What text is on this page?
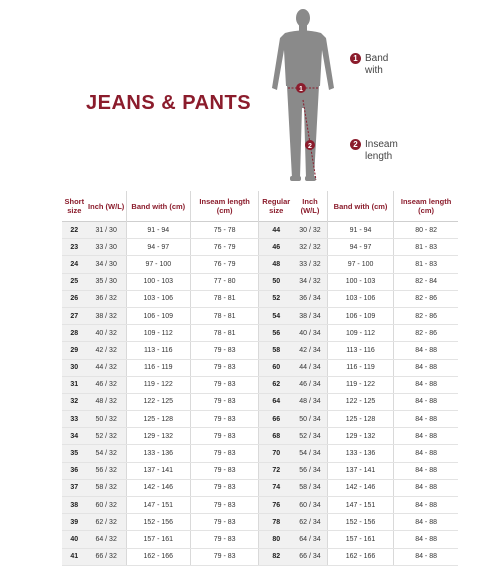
JEANS & PANTS
1
2
1 Band with
2 Inseam length
Short size	Inch (W/L)	Band with (cm)	Inseam length (cm)	Regular size	Inch (W/L)	Band with (cm)	Inseam length (cm)
22	31 / 30	91 - 94	75 - 78	44	30 / 32	91 - 94	80 - 82
23	33 / 30	94 - 97	76 - 79	46	32 / 32	94 - 97	81 - 83
24	34 / 30	97 - 100	76 - 79	48	33 / 32	97 - 100	81 - 83
25	35 / 30	100 - 103	77 - 80	50	34 / 32	100 - 103	82 - 84
26	36 / 32	103 - 106	78 - 81	52	36 / 34	103 - 106	82 - 86
27	38 / 32	106 - 109	78 - 81	54	38 / 34	106 - 109	82 - 86
28	40 / 32	109 - 112	78 - 81	56	40 / 34	109 - 112	82 - 86
29	42 / 32	113 - 116	79 - 83	58	42 / 34	113 - 116	84 - 88
30	44 / 32	116 - 119	79 - 83	60	44 / 34	116 - 119	84 - 88
31	46 / 32	119 - 122	79 - 83	62	46 / 34	119 - 122	84 - 88
32	48 / 32	122 - 125	79 - 83	64	48 / 34	122 - 125	84 - 88
33	50 / 32	125 - 128	79 - 83	66	50 / 34	125 - 128	84 - 88
34	52 / 32	129 - 132	79 - 83	68	52 / 34	129 - 132	84 - 88
35	54 / 32	133 - 136	79 - 83	70	54 / 34	133 - 136	84 - 88
36	56 / 32	137 - 141	79 - 83	72	56 / 34	137 - 141	84 - 88
37	58 / 32	142 - 146	79 - 83	74	58 / 34	142 - 146	84 - 88
38	60 / 32	147 - 151	79 - 83	76	60 / 34	147 - 151	84 - 88
39	62 / 32	152 - 156	79 - 83	78	62 / 34	152 - 156	84 - 88
40	64 / 32	157 - 161	79 - 83	80	64 / 34	157 - 161	84 - 88
41	66 / 32	162 - 166	79 - 83	82	66 / 34	162 - 166	84 - 88
